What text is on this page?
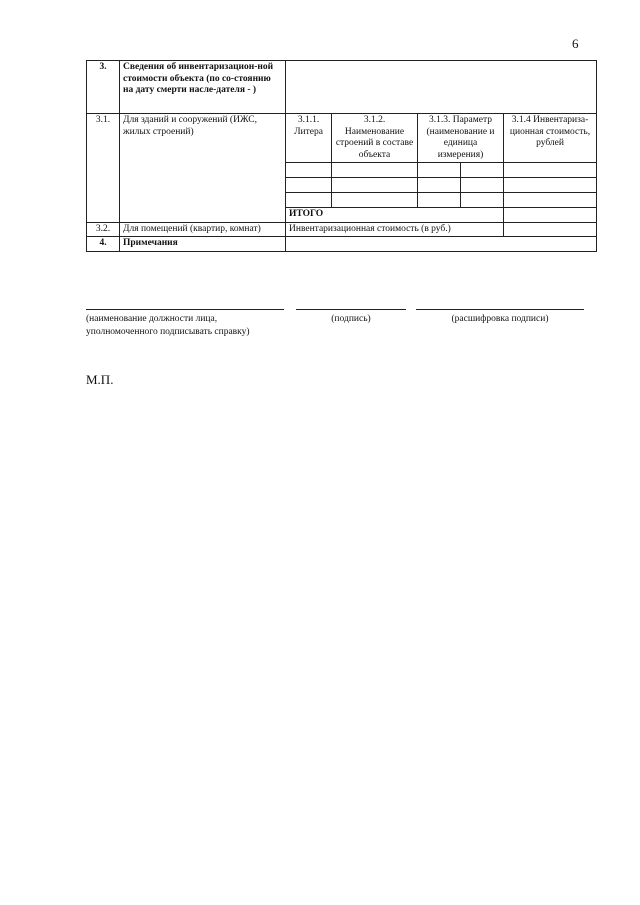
6
3.	Сведения об инвентаризацион-ной стоимости объекта (по со-стоянию на дату смерти насле-дателя - )					
3.1.	Для зданий и сооружений (ИЖС, жилых строений)	3.1.1. Литера	3.1.2. Наименование строений в составе объекта	3.1.3. Параметр (наименование и единица измерения)		3.1.4 Инвентариза-ционная стоимость, рублей

		ИТОГО				
3.2.	Для помещений (квартир, комнат)	Инвентаризационная стоимость (в руб.)				
4.	Примечания					
(наименование должности лица, уполномоченного подписывать справку)
(подпись)	(расшифровка подписи)
М.П.
